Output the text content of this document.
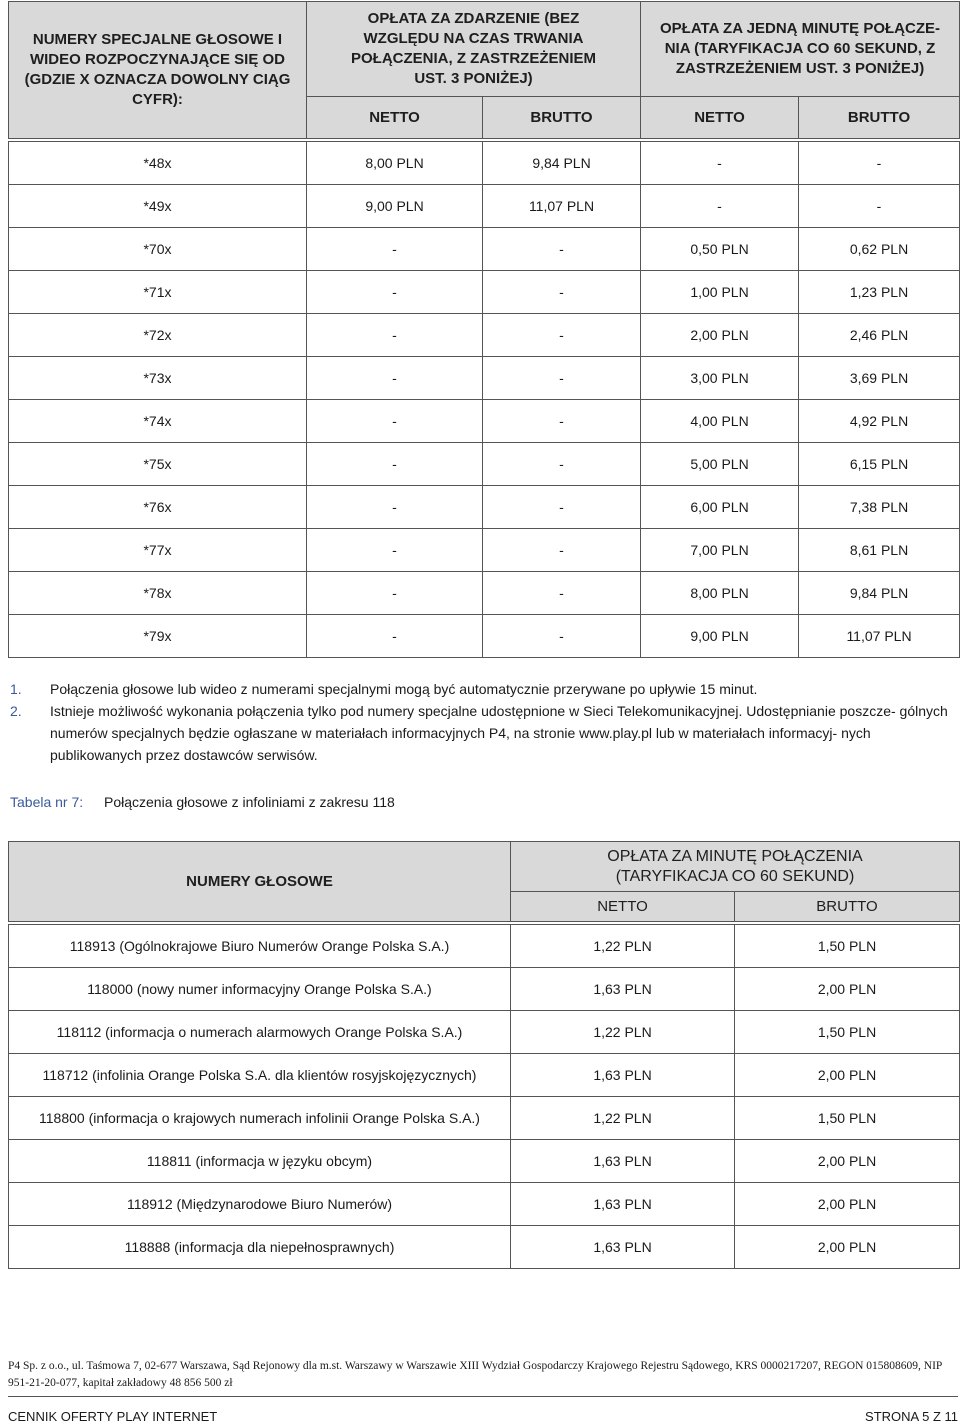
NUMERY SPECJALNE GŁOSOWE I WIDEO ROZPOCZYNAJĄCE SIĘ OD (GDZIE X OZNACZA DOWOLNY CIĄG CYFR):	OPŁATA ZA ZDARZENIE (BEZ WZGLĘDU NA CZAS TRWANIA POŁĄCZENIA, Z ZASTRZEŻENIEM UST. 3 PONIŻEJ)		OPŁATA ZA JEDNĄ MINUTĘ POŁĄCZE- NIA (TARYFIKACJA CO 60 SEKUND, Z ZASTRZEŻENIEM UST. 3 PONIŻEJ)	
	NETTO	BRUTTO	NETTO	BRUTTO

*48x	8,00 PLN	9,84 PLN	-	-
*49x	9,00 PLN	11,07 PLN	-	-
*70x	-	-	0,50 PLN	0,62 PLN
*71x	-	-	1,00 PLN	1,23 PLN
*72x	-	-	2,00 PLN	2,46 PLN
*73x	-	-	3,00 PLN	3,69 PLN
*74x	-	-	4,00 PLN	4,92 PLN
*75x	-	-	5,00 PLN	6,15 PLN
*76x	-	-	6,00 PLN	7,38 PLN
*77x	-	-	7,00 PLN	8,61 PLN
*78x	-	-	8,00 PLN	9,84 PLN
*79x	-	-	9,00 PLN	11,07 PLN
1.	Połączenia głosowe lub wideo z numerami specjalnymi mogą być automatycznie przerywane po upływie 15 minut.
2.	Istnieje możliwość wykonania połączenia tylko pod numery specjalne udostępnione w Sieci Telekomunikacyjnej. Udostępnianie poszcze- gólnych numerów specjalnych będzie ogłaszane w materiałach informacyjnych P4, na stronie www.play.pl lub w materiałach informacyj- nych publikowanych przez dostawców serwisów.
Tabela nr 7:	Połączenia głosowe z infoliniami z zakresu 118
NUMERY GŁOSOWE	OPŁATA ZA MINUTĘ POŁĄCZENIA (TARYFIKACJA CO 60 SEKUND)	
	NETTO	BRUTTO

118913 (Ogólnokrajowe Biuro Numerów Orange Polska S.A.)	1,22 PLN	1,50 PLN
118000 (nowy numer informacyjny Orange Polska S.A.)	1,63 PLN	2,00 PLN
118112 (informacja o numerach alarmowych Orange Polska S.A.)	1,22 PLN	1,50 PLN
118712 (infolinia Orange Polska S.A. dla klientów rosyjskojęzycznych)	1,63 PLN	2,00 PLN
118800 (informacja o krajowych numerach infolinii Orange Polska S.A.)	1,22 PLN	1,50 PLN
118811 (informacja w języku obcym)	1,63 PLN	2,00 PLN
118912 (Międzynarodowe Biuro Numerów)	1,63 PLN	2,00 PLN
118888 (informacja dla niepełnosprawnych)	1,63 PLN	2,00 PLN
P4 Sp. z o.o., ul. Taśmowa 7, 02-677 Warszawa, Sąd Rejonowy dla m.st. Warszawy w Warszawie XIII Wydział Gospodarczy Krajowego Rejestru Sądowego, KRS 0000217207, REGON 015808609, NIP 951-21-20-077, kapitał zakładowy 48 856 500 zł
CENNIK OFERTY PLAY INTERNET	STRONA 5 Z 11
